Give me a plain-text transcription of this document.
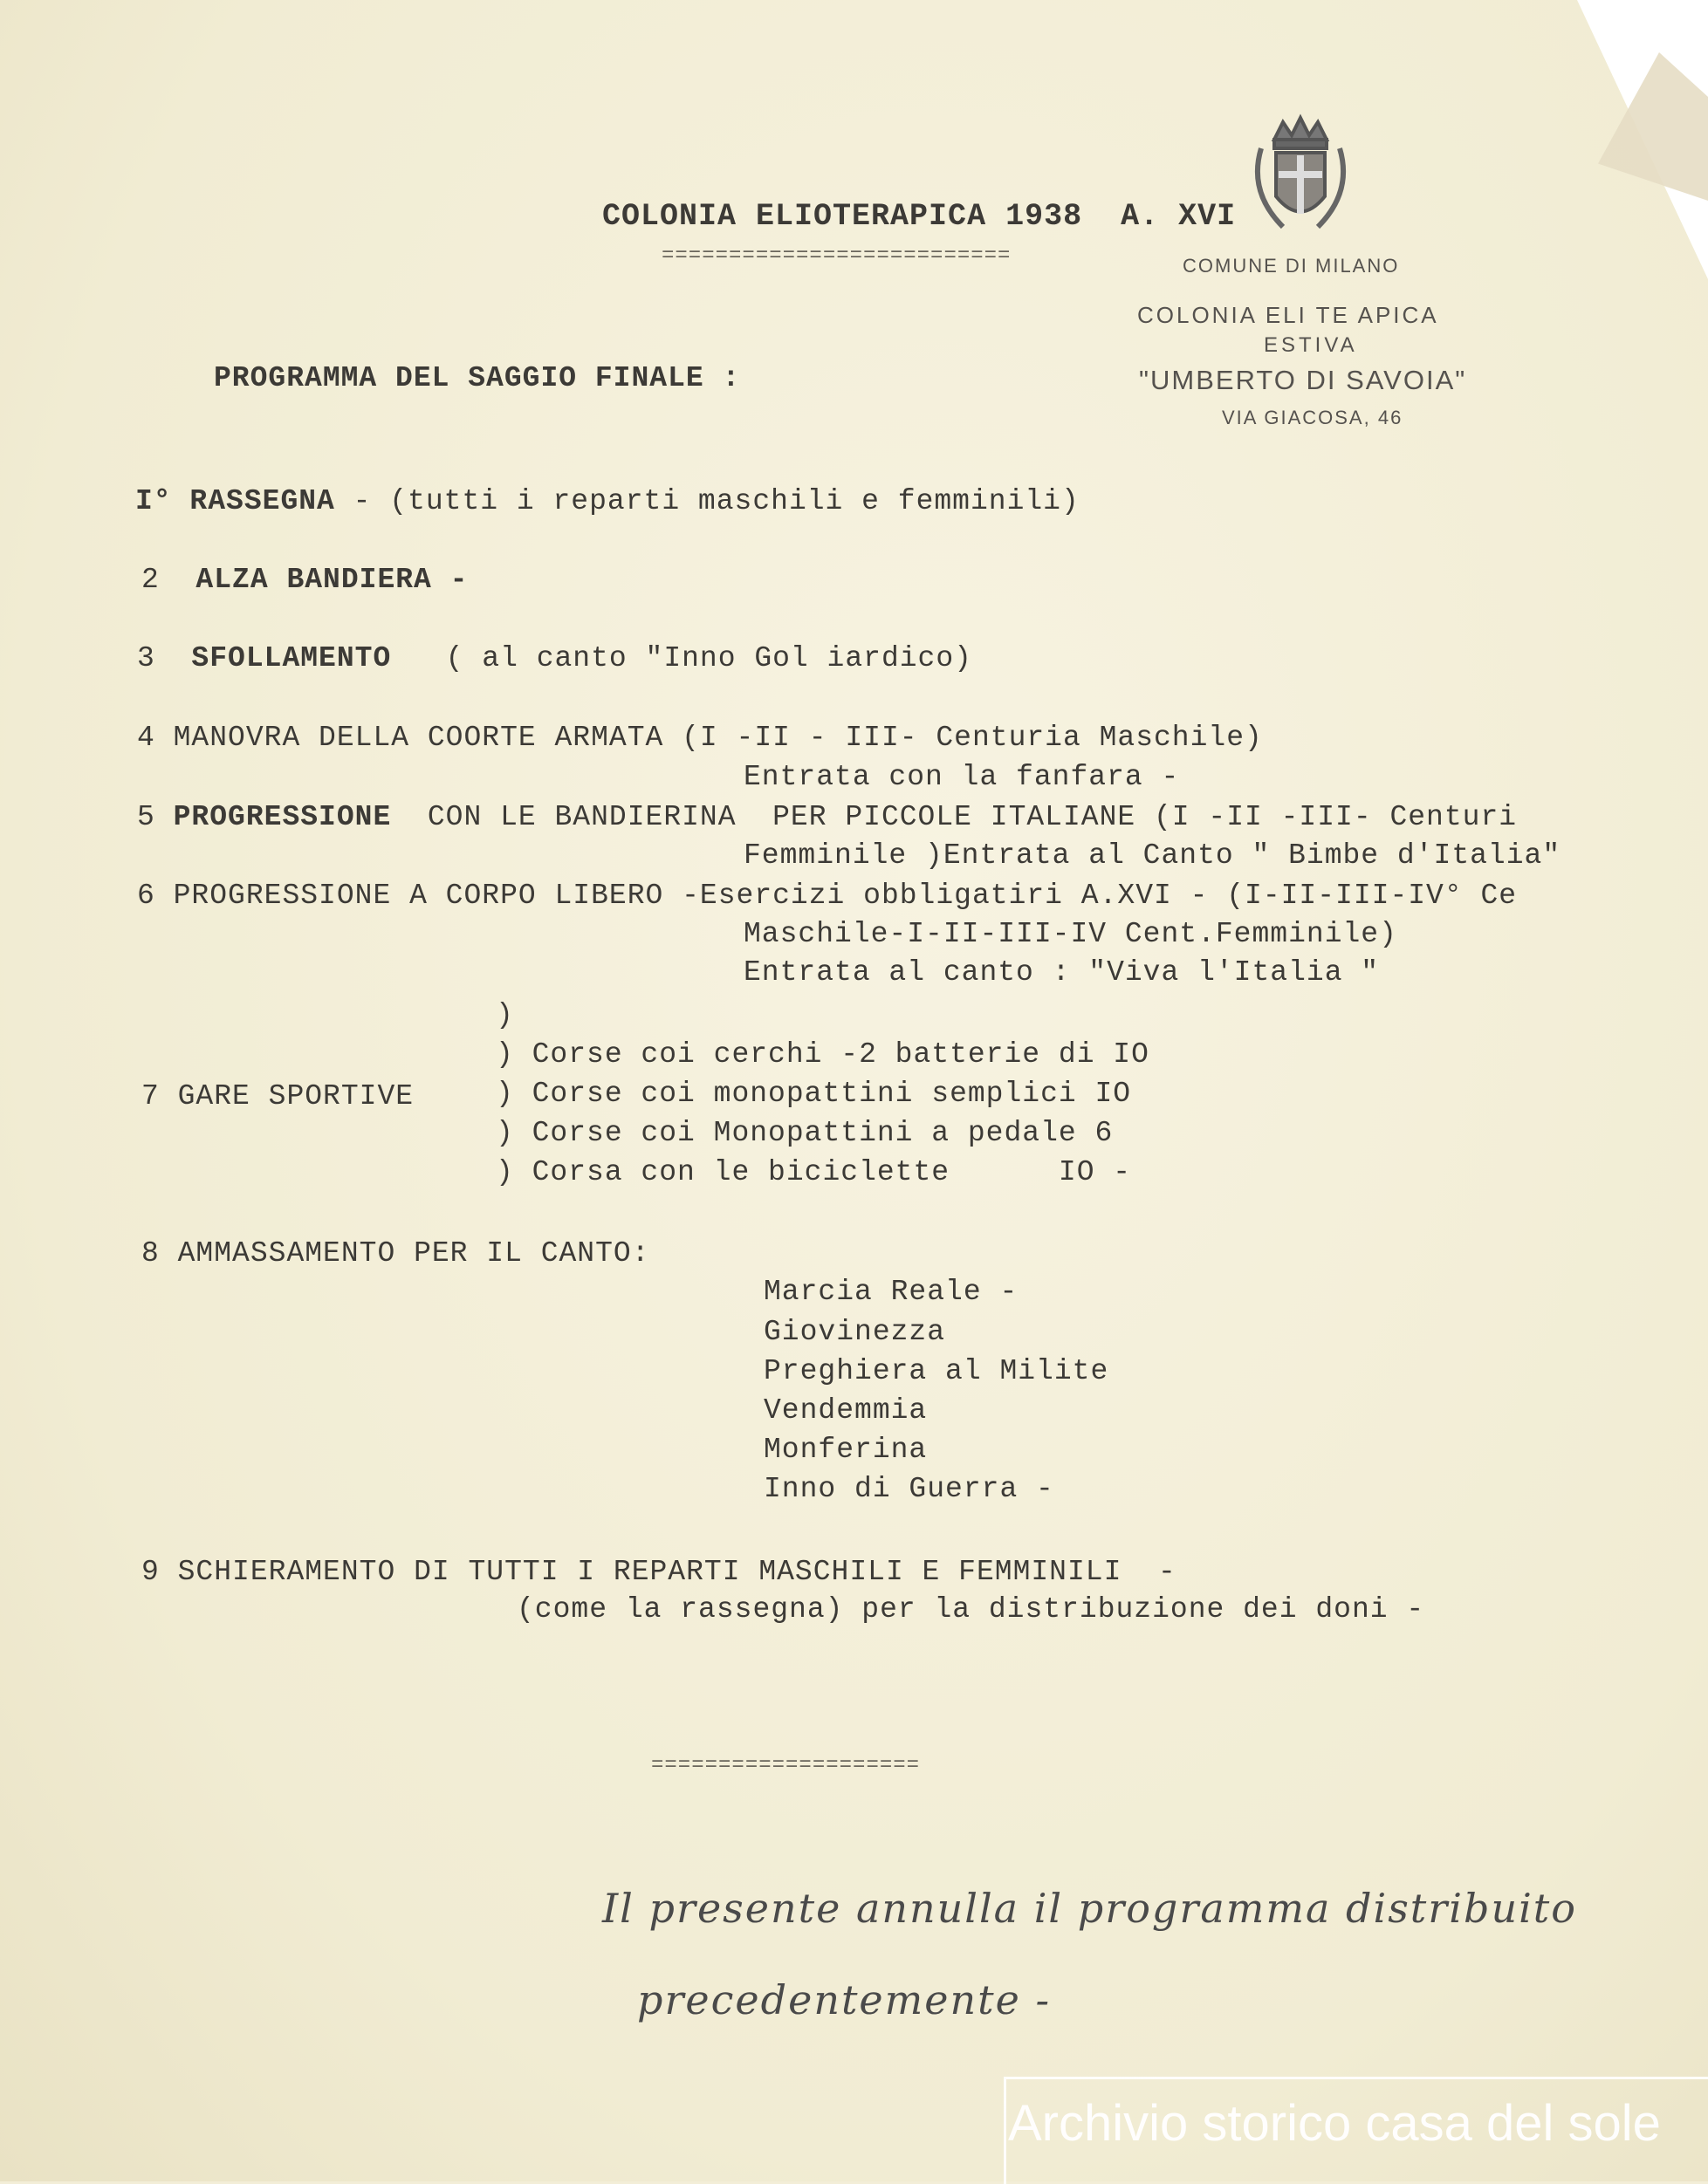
COLONIA ELIOTERAPICA 1938  A. XVI
==========================	COMUNE DI MILANO
COLONIA ELI TE APICA
ESTIVA
"UMBERTO DI SAVOIA"
VIA GIACOSA, 46
PROGRAMMA DEL SAGGIO FINALE :
I° RASSEGNA - (tutti i reparti maschili e femminili)
2 ALZA BANDIERA -
3 SFOLLAMENTO   ( al canto "Inno Gol iardico)
4 MANOVRA DELLA COORTE ARMATA (I -II - III- Centuria Maschile)
Entrata con la fanfara -
5 PROGRESSIONE  CON LE BANDIERINA  PER PICCOLE ITALIANE (I -II -III- Centuri
Femminile )Entrata al Canto " Bimbe d'Italia"
6 PROGRESSIONE A CORPO LIBERO -Esercizi obbligatiri A.XVI - (I-II-III-IV° Ce
Maschile-I-II-III-IV Cent.Femminile)
Entrata al canto : "Viva l'Italia "
7 GARE SPORTIVE
)
) Corse coi cerchi -2 batterie di IO
) Corse coi monopattini semplici IO
) Corse coi Monopattini a pedale 6
) Corsa con le biciclette      IO -
8 AMMASSAMENTO PER IL CANTO:
Marcia Reale -
Giovinezza
Preghiera al Milite
Vendemmia
Monferina
Inno di Guerra -
9 SCHIERAMENTO DI TUTTI I REPARTI MASCHILI E FEMMINILI  -
(come la rassegna) per la distribuzione dei doni -
====================
Il presente annulla il programma distribuito
precedentemente -
Archivio storico casa del sole
